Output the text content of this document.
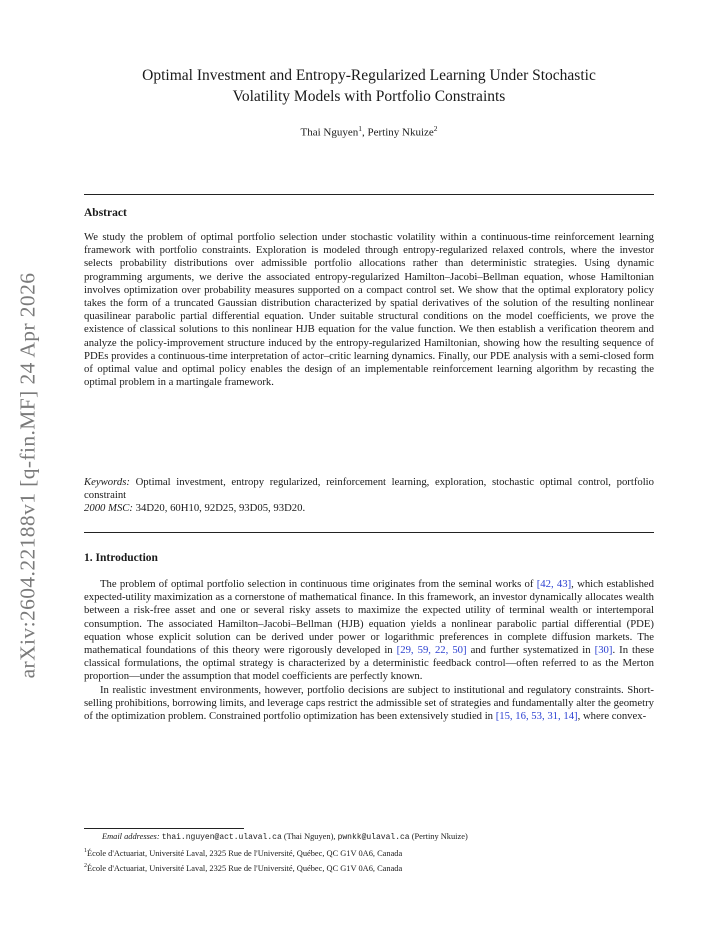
arXiv:2604.22188v1 [q-fin.MF] 24 Apr 2026
Optimal Investment and Entropy-Regularized Learning Under Stochastic
Volatility Models with Portfolio Constraints
Thai Nguyen$^1$, Pertiny Nkuize$^2$
Abstract

We study the problem of optimal portfolio selection under stochastic volatility within a continuous-time reinforcement learning framework with portfolio constraints. Exploration is modeled through entropy-regularized relaxed controls, where the investor selects probability distributions over admissible portfolio allocations rather than deterministic strategies. Using dynamic programming arguments, we derive the associated entropy-regularized Hamilton–Jacobi–Bellman equation, whose Hamiltonian involves optimization over probability measures supported on a compact control set. We show that the optimal exploratory policy takes the form of a truncated Gaussian distribution characterized by spatial derivatives of the solution of the resulting nonlinear quasilinear parabolic partial differential equation. Under suitable structural conditions on the model coefficients, we prove the existence of classical solutions to this nonlinear HJB equation for the value function. We then establish a verification theorem and analyze the policy-improvement structure induced by the entropy-regularized Hamiltonian, showing how the resulting sequence of PDEs provides a continuous-time interpretation of actor–critic learning dynamics. Finally, our PDE analysis with a semi-closed form of optimal value and optimal policy enables the design of an implementable reinforcement learning algorithm by recasting the optimal problem in a martingale framework.

Keywords: Optimal investment, entropy regularized, reinforcement learning, exploration, stochastic optimal control, portfolio constraint
2000 MSC: 34D20, 60H10, 92D25, 93D05, 93D20.

1. Introduction

The problem of optimal portfolio selection in continuous time originates from the seminal works of [42, 43], which established expected-utility maximization as a cornerstone of mathematical finance. In this framework, an investor dynamically allocates wealth between a risk-free asset and one or several risky assets to maximize the expected utility of terminal wealth or intertemporal consumption. The associated Hamilton–Jacobi–Bellman (HJB) equation yields a nonlinear parabolic partial differential (PDE) equation whose explicit solution can be derived under power or logarithmic preferences in complete diffusion markets. The mathematical foundations of this theory were rigorously developed in [29, 59, 22, 50] and further systematized in [30]. In these classical formulations, the optimal strategy is characterized by a deterministic feedback control—often referred to as the Merton proportion—under the assumption that model coefficients are perfectly known.

In realistic investment environments, however, portfolio decisions are subject to institutional and regulatory constraints. Short-selling prohibitions, borrowing limits, and leverage caps restrict the admissible set of strategies and fundamentally alter the geometry of the optimization problem. Constrained portfolio optimization has been extensively studied in [15, 16, 53, 31, 14], where convex-

Email addresses: thai.nguyen@act.ulaval.ca (Thai Nguyen), pwnkk@ulaval.ca (Pertiny Nkuize)
$^1$École d'Actuariat, Université Laval, 2325 Rue de l'Université, Québec, QC G1V 0A6, Canada
$^2$École d'Actuariat, Université Laval, 2325 Rue de l'Université, Québec, QC G1V 0A6, Canada
